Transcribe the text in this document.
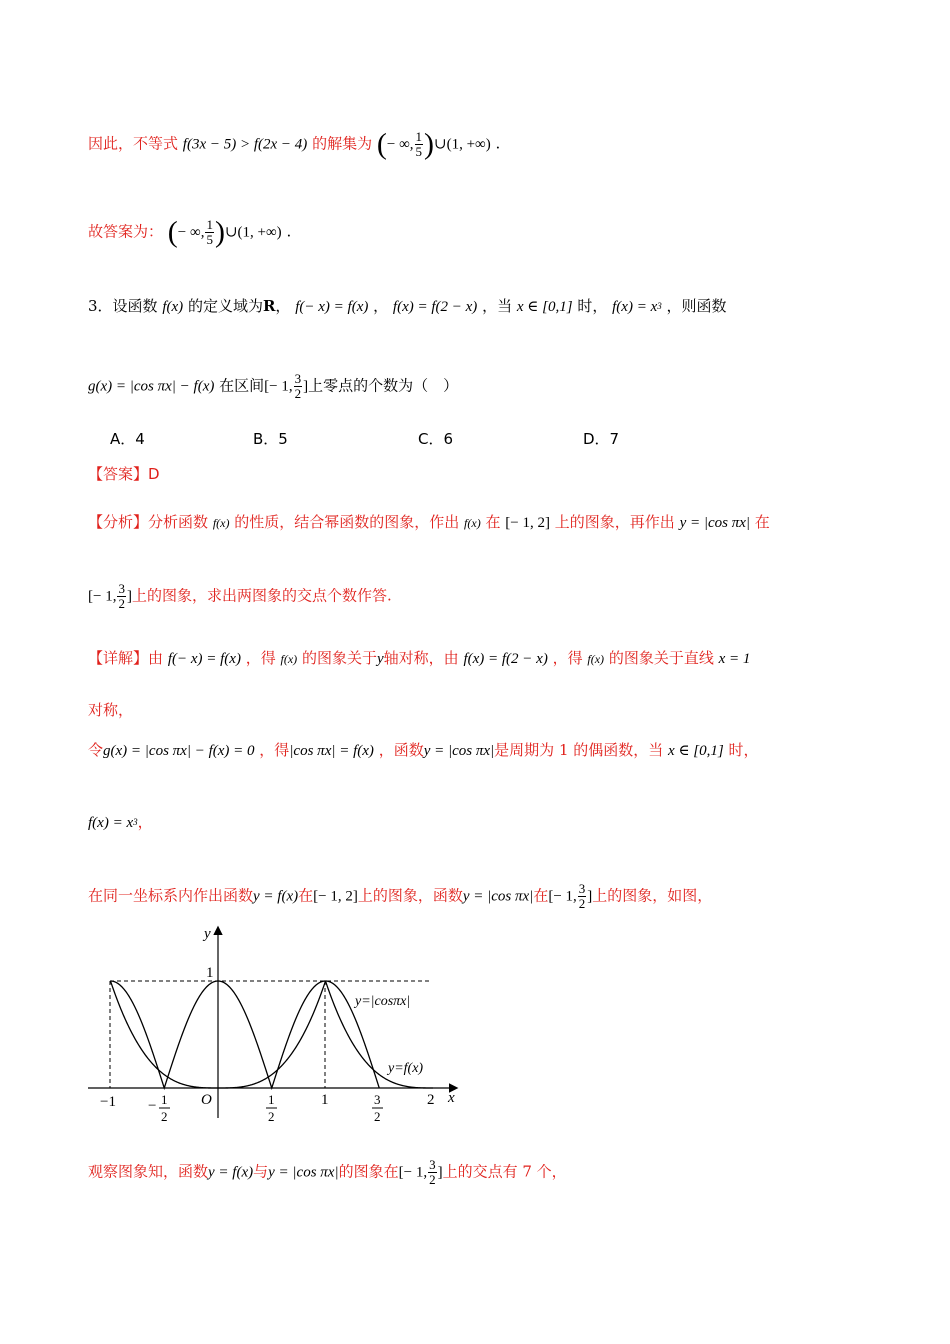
因此，不等式 f(3x − 5) > f(2x − 4) 的解集为 (− ∞, $\frac{1}{5}$ )∪(1, +∞) .
故答案为： (− ∞, $\frac{1}{5}$ )∪(1, +∞) .
3．设函数 f(x) 的定义域为R， f(− x) = f(x) ， f(x) = f(2 − x) ，当 x ∈ [0,1] 时， $f(x) = x^3$ ，则函数
g(x) = |cos πx| − f(x) 在区间[− 1, $\frac{3}{2}$ ]上零点的个数为（　）
A．4	B．5	C．6	D．7
【答案】D
【分析】分析函数 f(x) 的性质，结合幂函数的图象，作出 f(x) 在 [− 1, 2] 上的图象，再作出 y = |cos πx| 在
[− 1, $\frac{3}{2}$ ]上的图象，求出两图象的交点个数作答.
【详解】由 f(− x) = f(x) ，得 f(x) 的图象关于y轴对称，由 f(x) = f(2 − x) ，得 f(x) 的图象关于直线 x = 1
对称，
令g(x) = |cos πx| − f(x) = 0 ，得|cos πx| = f(x) ，函数y = |cos πx|是周期为 1 的偶函数，当 x ∈ [0,1] 时，
$f(x) = x^3$，
在同一坐标系内作出函数y = f(x)在[− 1, 2]上的图象，函数y = |cos πx|在[− 1, $\frac{3}{2}$ ]上的图象，如图，
y
x
1
O
y=|cosπx|
y=f(x)
−1 − 1
2
1
2
1	3
2
2
观察图象知，函数y = f(x)与y = |cos πx|的图象在[− 1, $\frac{3}{2}$ ]上的交点有 7 个，
